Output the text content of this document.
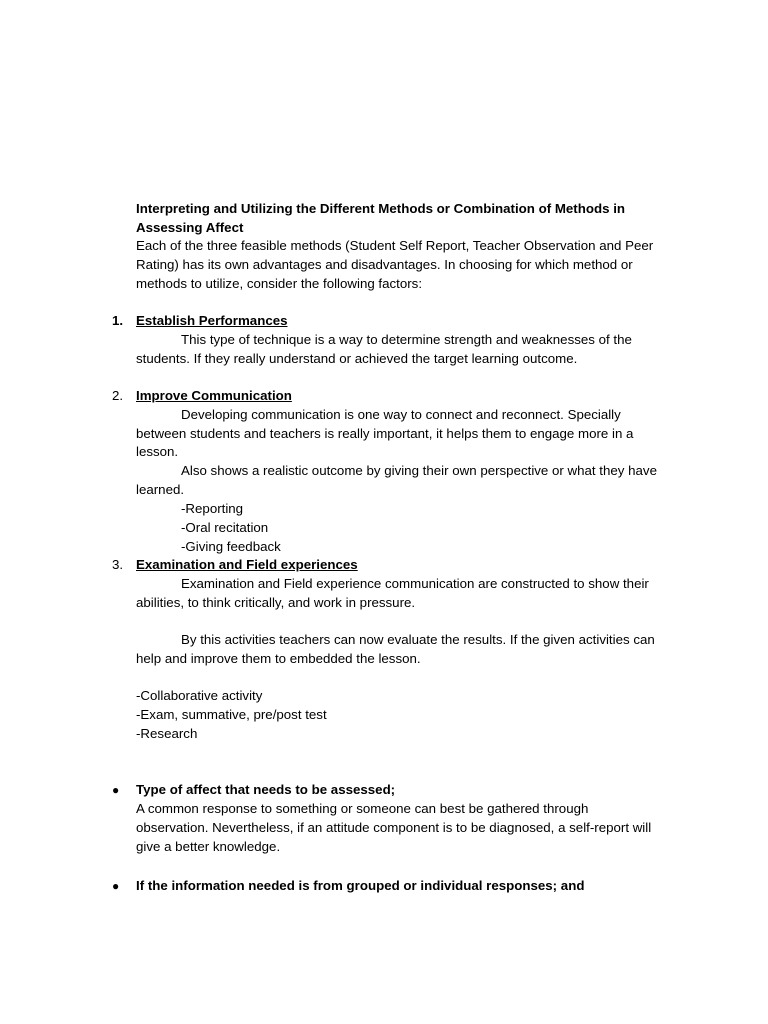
Interpreting and Utilizing the Different Methods or Combination of Methods in
Assessing Affect
Each of the three feasible methods (Student Self Report, Teacher Observation and Peer
Rating) has its own advantages and disadvantages. In choosing for which method or
methods to utilize, consider the following factors:
1. Establish Performances
This type of technique is a way to determine strength and weaknesses of the
students. If they really understand or achieved the target learning outcome.
2. Improve Communication
Developing communication is one way to connect and reconnect. Specially
between students and teachers is really important, it helps them to engage more in a
lesson.
Also shows a realistic outcome by giving their own perspective or what they have
learned.
-Reporting
-Oral recitation
-Giving feedback
3. Examination and Field experiences
Examination and Field experience communication are constructed to show their
abilities, to think critically, and work in pressure.
By this activities teachers can now evaluate the results. If the given activities can
help and improve them to embedded the lesson.
-Collaborative activity
-Exam, summative, pre/post test
-Research
● Type of affect that needs to be assessed;
A common response to something or someone can best be gathered through
observation. Nevertheless, if an attitude component is to be diagnosed, a self-report will
give a better knowledge.
● If the information needed is from grouped or individual responses; and
